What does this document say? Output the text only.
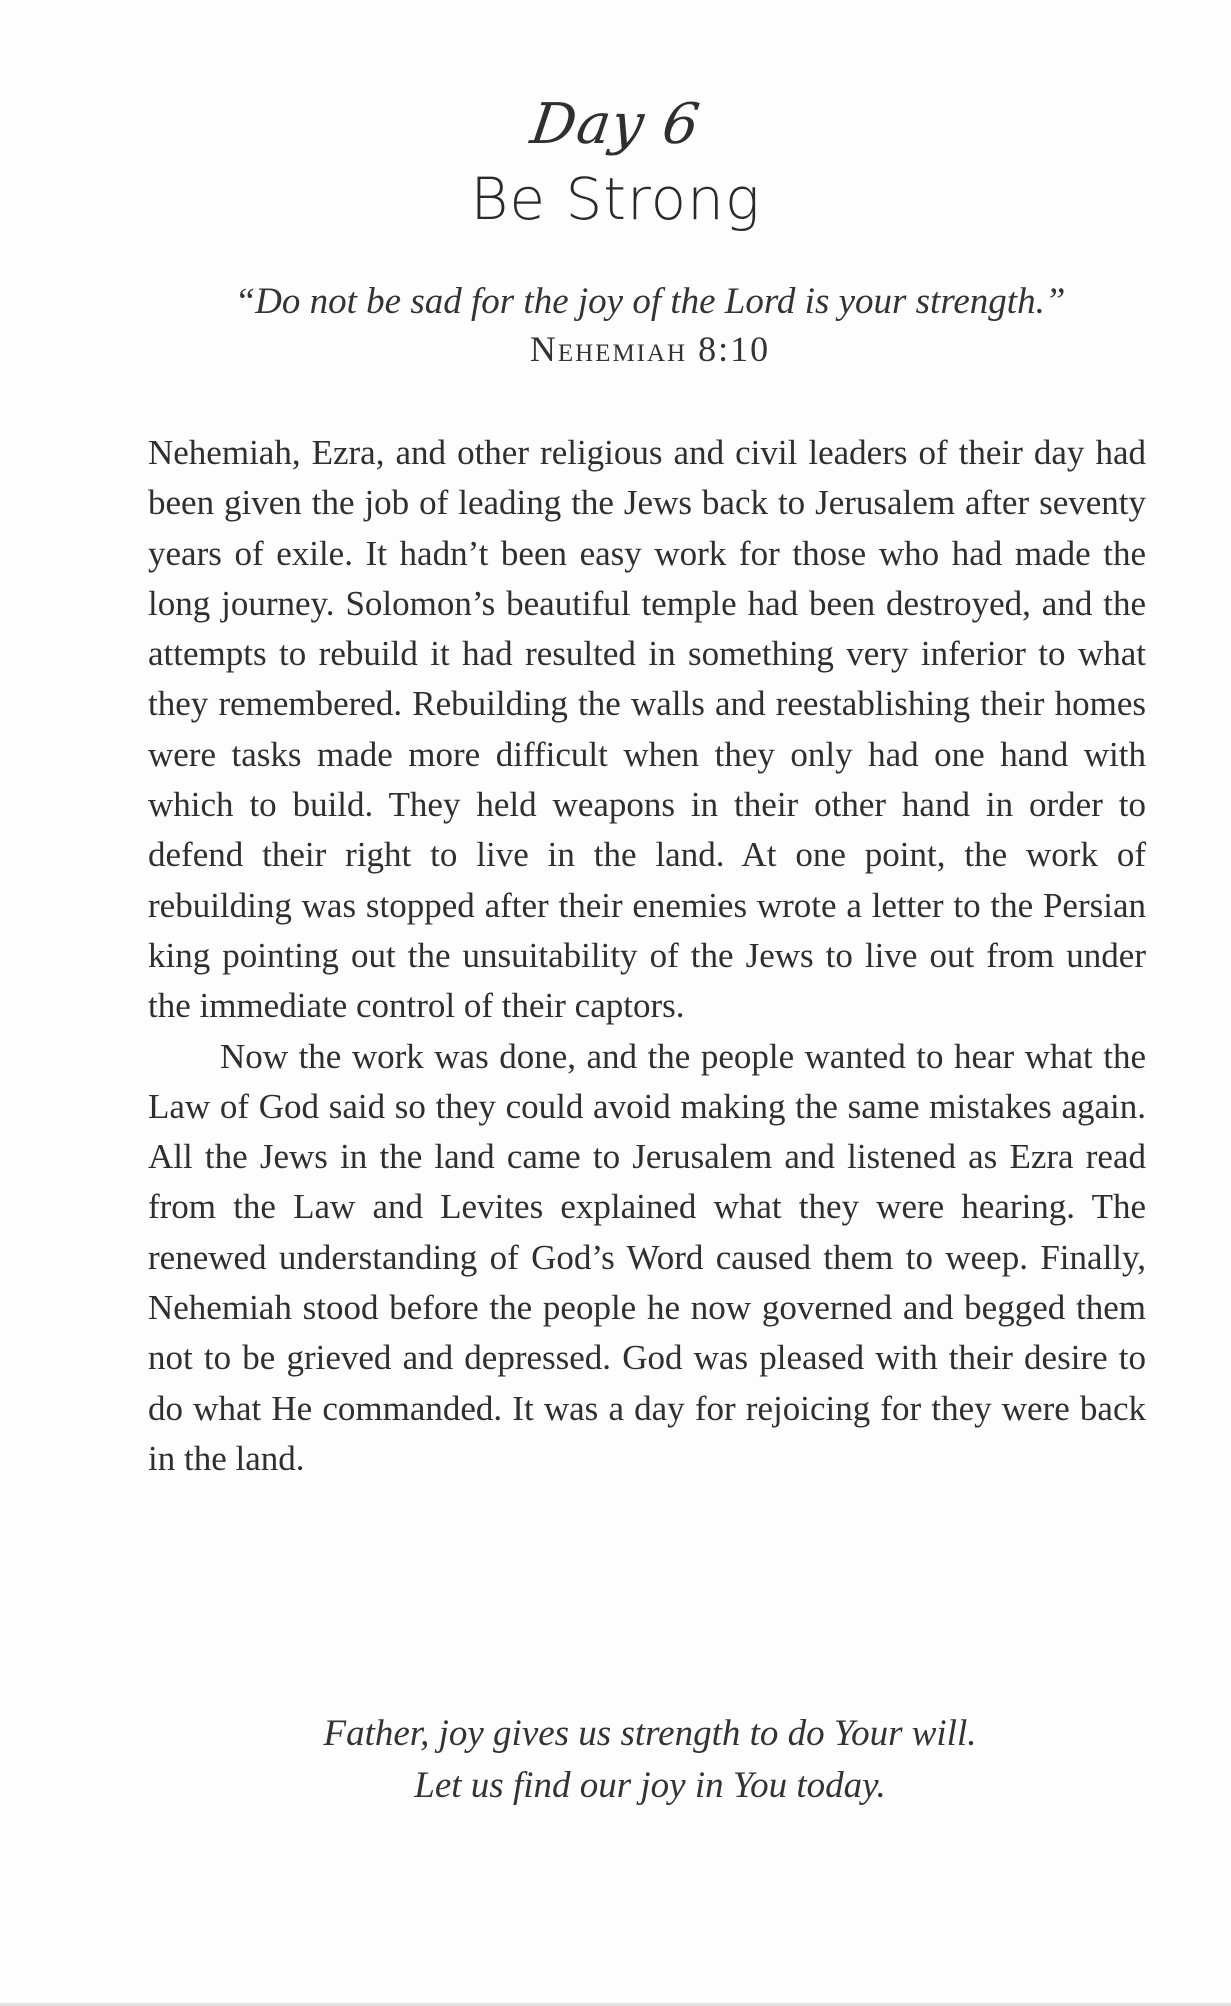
Day 6
Be Strong
“Do not be sad for the joy of the Lord is your strength.”
Nehemiah 8:10

Nehemiah, Ezra, and other religious and civil leaders of their day had been given the job of leading the Jews back to Jerusalem after seventy years of exile. It hadn’t been easy work for those who had made the long journey. Solomon’s beautiful temple had been destroyed, and the attempts to rebuild it had resulted in something very inferior to what they remembered. Rebuilding the walls and reestablishing their homes were tasks made more difficult when they only had one hand with which to build. They held weapons in their other hand in order to defend their right to live in the land. At one point, the work of rebuilding was stopped after their enemies wrote a letter to the Persian king pointing out the unsuitability of the Jews to live out from under the immediate control of their captors.

Now the work was done, and the people wanted to hear what the Law of God said so they could avoid making the same mistakes again. All the Jews in the land came to Jerusalem and listened as Ezra read from the Law and Levites explained what they were hearing. The renewed understanding of God’s Word caused them to weep. Finally, Nehemiah stood before the people he now governed and begged them not to be grieved and depressed. God was pleased with their desire to do what He commanded. It was a day for rejoicing for they were back in the land.

Father, joy gives us strength to do Your will.
Let us find our joy in You today.
